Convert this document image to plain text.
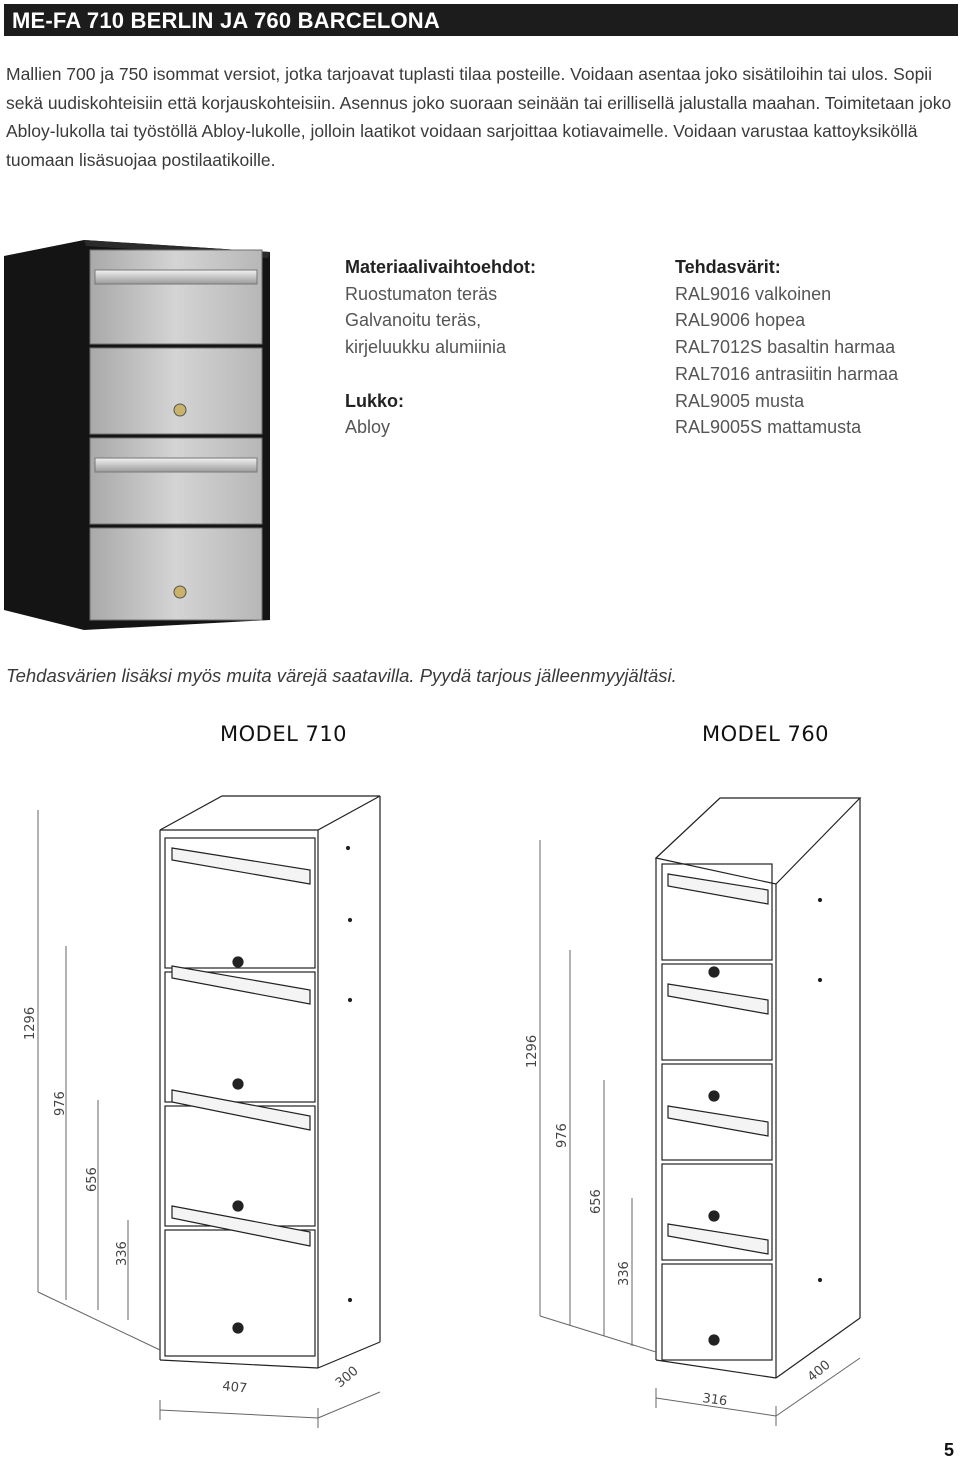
ME-FA 710 BERLIN JA 760 BARCELONA
Mallien 700 ja 750 isommat versiot, jotka tarjoavat tuplasti tilaa posteille. Voidaan asentaa joko sisätiloihin tai ulos. Sopii sekä uudiskohteisiin että korjauskohteisiin. Asennus joko suoraan seinään tai erillisellä jalustalla maahan. Toimitetaan joko Abloy-lukolla tai työstöllä Abloy-lukolle, jolloin laatikot voidaan sarjoittaa kotiavaimelle. Voidaan varustaa kattoyksiköllä tuomaan lisäsuojaa postilaatikoille.
Materiaalivaihtoehdot:
Ruostumaton teräs
Galvanoitu teräs,
kirjeluukku alumiinia
Lukko:
Abloy
Tehdasvärit:
RAL9016 valkoinen
RAL9006 hopea
RAL7012S basaltin harmaa
RAL7016 antrasiitin harmaa
RAL9005 musta
RAL9005S mattamusta
Tehdasvärien lisäksi myös muita värejä saatavilla. Pyydä tarjous jälleenmyyjältäsi.
MODEL 710	MODEL 760
1296
976
656
336
407	300
1296
976
656
336
316
400
5
